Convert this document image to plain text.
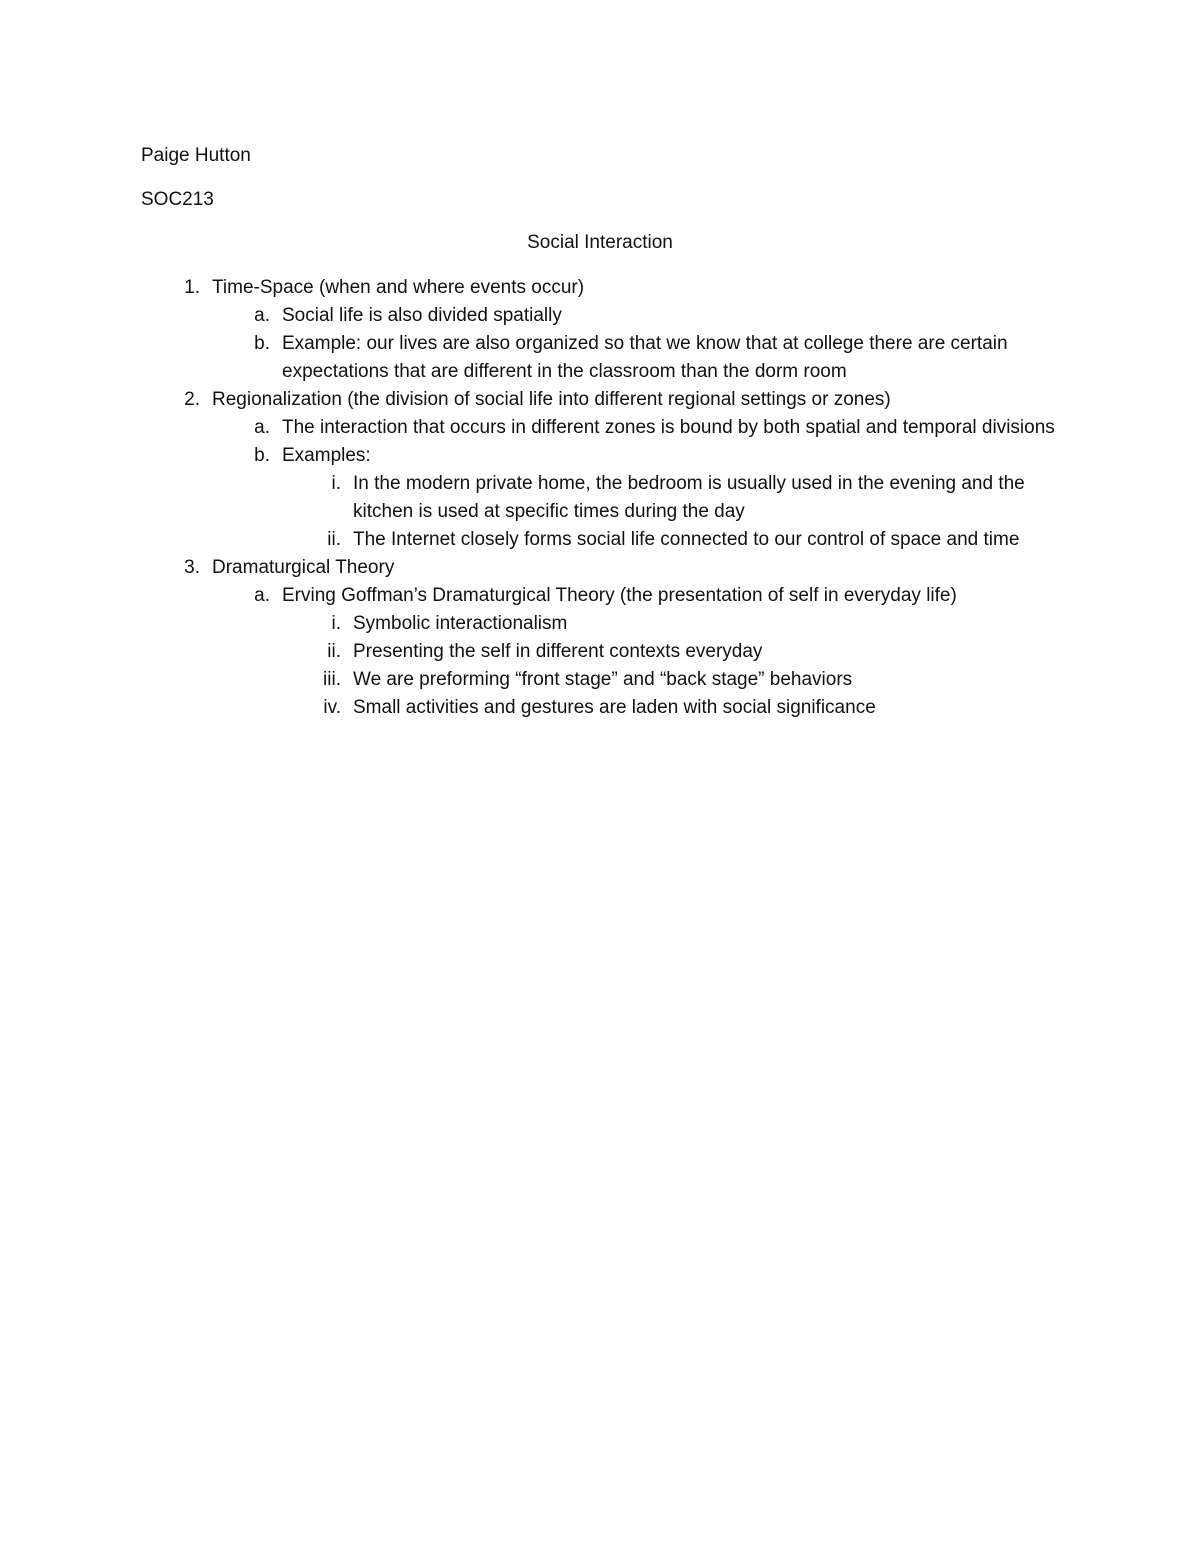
Paige Hutton
SOC213
Social Interaction
1. Time-Space (when and where events occur)
a. Social life is also divided spatially
b. Example: our lives are also organized so that we know that at college there are certain expectations that are different in the classroom than the dorm room
2. Regionalization (the division of social life into different regional settings or zones)
a. The interaction that occurs in different zones is bound by both spatial and temporal divisions
b. Examples:
i. In the modern private home, the bedroom is usually used in the evening and the kitchen is used at specific times during the day
ii. The Internet closely forms social life connected to our control of space and time
3. Dramaturgical Theory
a. Erving Goffman’s Dramaturgical Theory (the presentation of self in everyday life)
i. Symbolic interactionalism
ii. Presenting the self in different contexts everyday
iii. We are preforming “front stage” and “back stage” behaviors
iv. Small activities and gestures are laden with social significance
